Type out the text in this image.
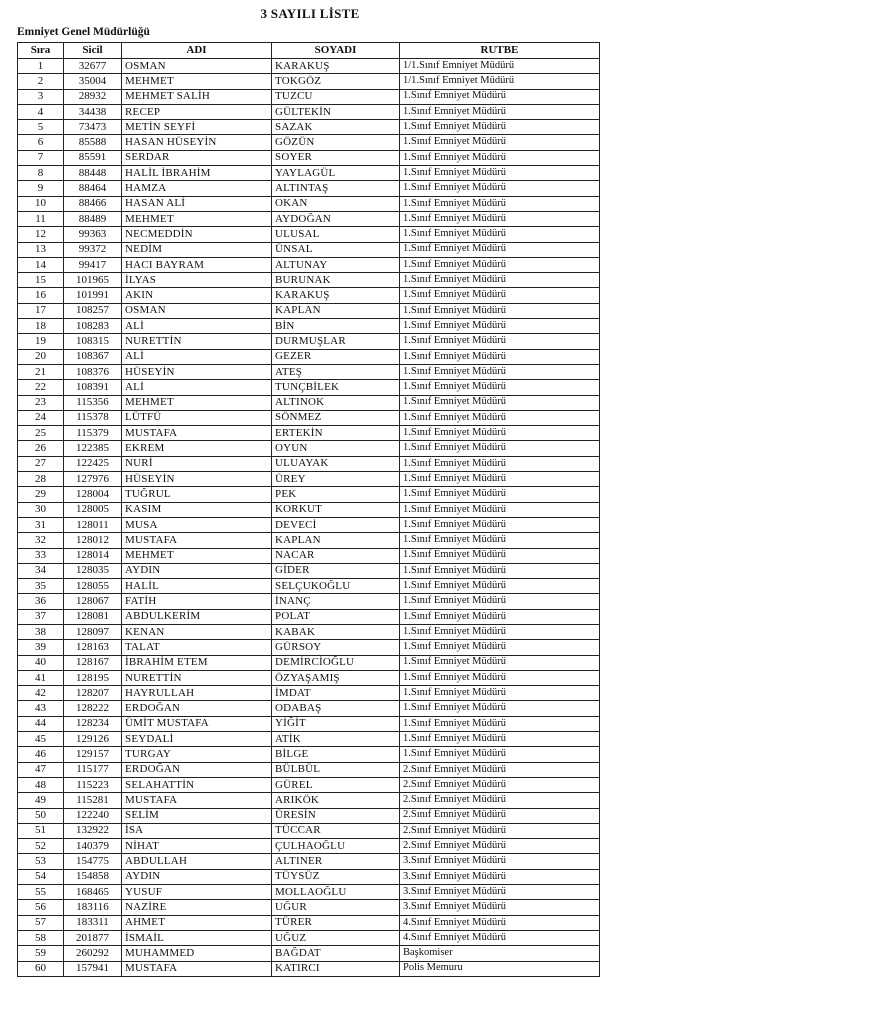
3 SAYILI LİSTE
Emniyet Genel Müdürlüğü
Sıra	Sicil	ADI	SOYADI	RUTBE
1	32677	OSMAN	KARAKUŞ	1/1.Sınıf Emniyet Müdürü
2	35004	MEHMET	TOKGÖZ	1/1.Sınıf Emniyet Müdürü
3	28932	MEHMET SALİH	TUZCU	1.Sınıf Emniyet Müdürü
4	34438	RECEP	GÜLTEKİN	1.Sınıf Emniyet Müdürü
5	73473	METİN SEYFİ	SAZAK	1.Sınıf Emniyet Müdürü
6	85588	HASAN HÜSEYİN	GÖZÜN	1.Sınıf Emniyet Müdürü
7	85591	SERDAR	SOYER	1.Sınıf Emniyet Müdürü
8	88448	HALİL İBRAHİM	YAYLAGÜL	1.Sınıf Emniyet Müdürü
9	88464	HAMZA	ALTINTAŞ	1.Sınıf Emniyet Müdürü
10	88466	HASAN ALİ	OKAN	1.Sınıf Emniyet Müdürü
11	88489	MEHMET	AYDOĞAN	1.Sınıf Emniyet Müdürü
12	99363	NECMEDDİN	ULUSAL	1.Sınıf Emniyet Müdürü
13	99372	NEDİM	ÜNSAL	1.Sınıf Emniyet Müdürü
14	99417	HACI BAYRAM	ALTUNAY	1.Sınıf Emniyet Müdürü
15	101965	İLYAS	BURUNAK	1.Sınıf Emniyet Müdürü
16	101991	AKIN	KARAKUŞ	1.Sınıf Emniyet Müdürü
17	108257	OSMAN	KAPLAN	1.Sınıf Emniyet Müdürü
18	108283	ALİ	BİN	1.Sınıf Emniyet Müdürü
19	108315	NURETTİN	DURMUŞLAR	1.Sınıf Emniyet Müdürü
20	108367	ALİ	GEZER	1.Sınıf Emniyet Müdürü
21	108376	HÜSEYİN	ATEŞ	1.Sınıf Emniyet Müdürü
22	108391	ALİ	TUNÇBİLEK	1.Sınıf Emniyet Müdürü
23	115356	MEHMET	ALTINOK	1.Sınıf Emniyet Müdürü
24	115378	LÜTFÜ	SÖNMEZ	1.Sınıf Emniyet Müdürü
25	115379	MUSTAFA	ERTEKİN	1.Sınıf Emniyet Müdürü
26	122385	EKREM	OYUN	1.Sınıf Emniyet Müdürü
27	122425	NURİ	ULUAYAK	1.Sınıf Emniyet Müdürü
28	127976	HÜSEYİN	ÜREY	1.Sınıf Emniyet Müdürü
29	128004	TUĞRUL	PEK	1.Sınıf Emniyet Müdürü
30	128005	KASIM	KORKUT	1.Sınıf Emniyet Müdürü
31	128011	MUSA	DEVECİ	1.Sınıf Emniyet Müdürü
32	128012	MUSTAFA	KAPLAN	1.Sınıf Emniyet Müdürü
33	128014	MEHMET	NACAR	1.Sınıf Emniyet Müdürü
34	128035	AYDIN	GİDER	1.Sınıf Emniyet Müdürü
35	128055	HALİL	SELÇUKOĞLU	1.Sınıf Emniyet Müdürü
36	128067	FATİH	İNANÇ	1.Sınıf Emniyet Müdürü
37	128081	ABDULKERİM	POLAT	1.Sınıf Emniyet Müdürü
38	128097	KENAN	KABAK	1.Sınıf Emniyet Müdürü
39	128163	TALAT	GÜRSOY	1.Sınıf Emniyet Müdürü
40	128167	İBRAHİM ETEM	DEMİRCİOĞLU	1.Sınıf Emniyet Müdürü
41	128195	NURETTİN	ÖZYAŞAMIŞ	1.Sınıf Emniyet Müdürü
42	128207	HAYRULLAH	İMDAT	1.Sınıf Emniyet Müdürü
43	128222	ERDOĞAN	ODABAŞ	1.Sınıf Emniyet Müdürü
44	128234	ÜMİT MUSTAFA	YİĞİT	1.Sınıf Emniyet Müdürü
45	129126	SEYDALİ	ATİK	1.Sınıf Emniyet Müdürü
46	129157	TURGAY	BİLGE	1.Sınıf Emniyet Müdürü
47	115177	ERDOĞAN	BÜLBÜL	2.Sınıf Emniyet Müdürü
48	115223	SELAHATTİN	GÜREL	2.Sınıf Emniyet Müdürü
49	115281	MUSTAFA	ARIKÖK	2.Sınıf Emniyet Müdürü
50	122240	SELİM	ÜRESİN	2.Sınıf Emniyet Müdürü
51	132922	İSA	TÜCCAR	2.Sınıf Emniyet Müdürü
52	140379	NİHAT	ÇULHAOĞLU	2.Sınıf Emniyet Müdürü
53	154775	ABDULLAH	ALTINER	3.Sınıf Emniyet Müdürü
54	154858	AYDIN	TÜYSÜZ	3.Sınıf Emniyet Müdürü
55	168465	YUSUF	MOLLAOĞLU	3.Sınıf Emniyet Müdürü
56	183116	NAZİRE	UĞUR	3.Sınıf Emniyet Müdürü
57	183311	AHMET	TÜRER	4.Sınıf Emniyet Müdürü
58	201877	İSMAİL	UĞUZ	4.Sınıf Emniyet Müdürü
59	260292	MUHAMMED	BAĞDAT	Başkomiser
60	157941	MUSTAFA	KATIRCI	Polis Memuru
